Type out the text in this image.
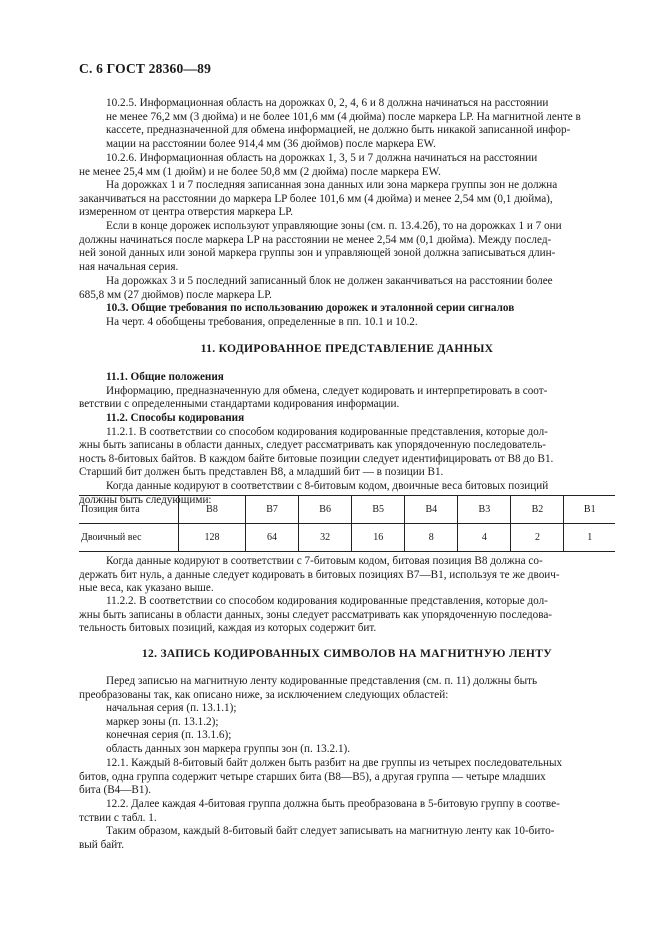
С. 6 ГОСТ 28360—89

10.2.5. Информационная область на дорожках 0, 2, 4, 6 и 8 должна начинаться на расстоянии
не менее 76,2 мм (3 дюйма) и не более 101,6 мм (4 дюйма) после маркера LP. На магнитной ленте в
кассете, предназначенной для обмена информацией, не должно быть никакой записанной инфор-
мации на расстоянии более 914,4 мм (36 дюймов) после маркера EW.

10.2.6. Информационная область на дорожках 1, 3, 5 и 7 должна начинаться на расстоянии
не менее 25,4 мм (1 дюйм) и не более 50,8 мм (2 дюйма) после маркера EW.

На дорожках 1 и 7 последняя записанная зона данных или зона маркера группы зон не должна
заканчиваться на расстоянии до маркера LP более 101,6 мм (4 дюйма) и менее 2,54 мм (0,1 дюйма),
измеренном от центра отверстия маркера LP.

Если в конце дорожек используют управляющие зоны (см. п. 13.4.2б), то на дорожках 1 и 7 они
должны начинаться после маркера LP на расстоянии не менее 2,54 мм (0,1 дюйма). Между послед-
ней зоной данных или зоной маркера группы зон и управляющей зоной должна записываться длин-
ная начальная серия.

На дорожках 3 и 5 последний записанный блок не должен заканчиваться на расстоянии более
685,8 мм (27 дюймов) после маркера LP.

10.3. Общие требования по использованию дорожек и эталонной серии сигналов
На черт. 4 обобщены требования, определенные в пп. 10.1 и 10.2.
11. КОДИРОВАННОЕ ПРЕДСТАВЛЕНИЕ ДАННЫХ
11.1. Общие положения
Информацию, предназначенную для обмена, следует кодировать и интерпретировать в соот-
ветствии с определенными стандартами кодирования информации.
11.2. Способы кодирования
11.2.1. В соответствии со способом кодирования кодированные представления, которые дол-
жны быть записаны в области данных, следует рассматривать как упорядоченную последователь-
ность 8-битовых байтов. В каждом байте битовые позиции следует идентифицировать от B8 до B1.
Старший бит должен быть представлен B8, а младший бит — в позиции B1.
Когда данные кодируют в соответствии с 8-битовым кодом, двоичные веса битовых позиций
должны быть следующими:
Позиция бита	B8	B7	B6	B5	B4	B3	B2	B1
Двоичный вес	128	64	32	16	8	4	2	1
Когда данные кодируют в соответствии с 7-битовым кодом, битовая позиция B8 должна со-
держать бит нуль, а данные следует кодировать в битовых позициях B7—B1, используя те же двоич-
ные веса, как указано выше.
11.2.2. В соответствии со способом кодирования кодированные представления, которые дол-
жны быть записаны в области данных, зоны следует рассматривать как упорядоченную последова-
тельность битовых позиций, каждая из которых содержит бит.
12. ЗАПИСЬ КОДИРОВАННЫХ СИМВОЛОВ НА МАГНИТНУЮ ЛЕНТУ
Перед записью на магнитную ленту кодированные представления (см. п. 11) должны быть
преобразованы так, как описано ниже, за исключением следующих областей:
начальная серия (п. 13.1.1);
маркер зоны (п. 13.1.2);
конечная серия (п. 13.1.6);
область данных зон маркера группы зон (п. 13.2.1).
12.1. Каждый 8-битовый байт должен быть разбит на две группы из четырех последовательных
битов, одна группа содержит четыре старших бита (B8—B5), а другая группа — четыре младших
бита (B4—B1).
12.2. Далее каждая 4-битовая группа должна быть преобразована в 5-битовую группу в соотве-
тствии с табл. 1.
Таким образом, каждый 8-битовый байт следует записывать на магнитную ленту как 10-бито-
вый байт.
